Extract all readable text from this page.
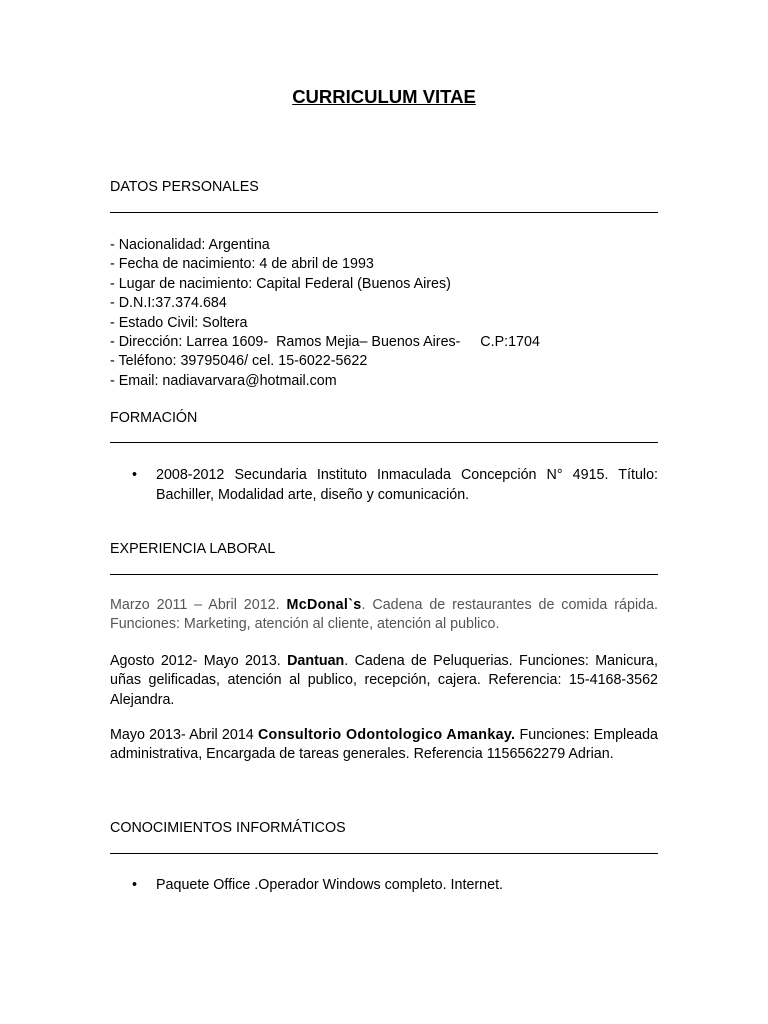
CURRICULUM VITAE
DATOS PERSONALES
- Nacionalidad: Argentina
- Fecha de nacimiento: 4 de abril de 1993
- Lugar de nacimiento: Capital Federal (Buenos Aires)
- D.N.I:37.374.684
- Estado Civil: Soltera
- Dirección: Larrea 1609-  Ramos Mejia– Buenos Aires-     C.P:1704
- Teléfono: 39795046/ cel. 15-6022-5622
- Email: nadiavarvara@hotmail.com
FORMACIÓN
• 2008-2012 Secundaria Instituto Inmaculada Concepción N° 4915. Título: Bachiller, Modalidad arte, diseño y comunicación.
EXPERIENCIA LABORAL
Marzo 2011 – Abril 2012. McDonal`s. Cadena de restaurantes de comida rápida. Funciones: Marketing, atención al cliente, atención al publico.
Agosto 2012- Mayo 2013. Dantuan. Cadena de Peluquerias. Funciones: Manicura, uñas gelificadas, atención al publico, recepción, cajera. Referencia: 15-4168-3562 Alejandra.
Mayo 2013- Abril 2014 Consultorio Odontologico Amankay. Funciones: Empleada administrativa, Encargada de tareas generales. Referencia 1156562279 Adrian.
CONOCIMIENTOS INFORMÁTICOS
• Paquete Office .Operador Windows completo. Internet.
